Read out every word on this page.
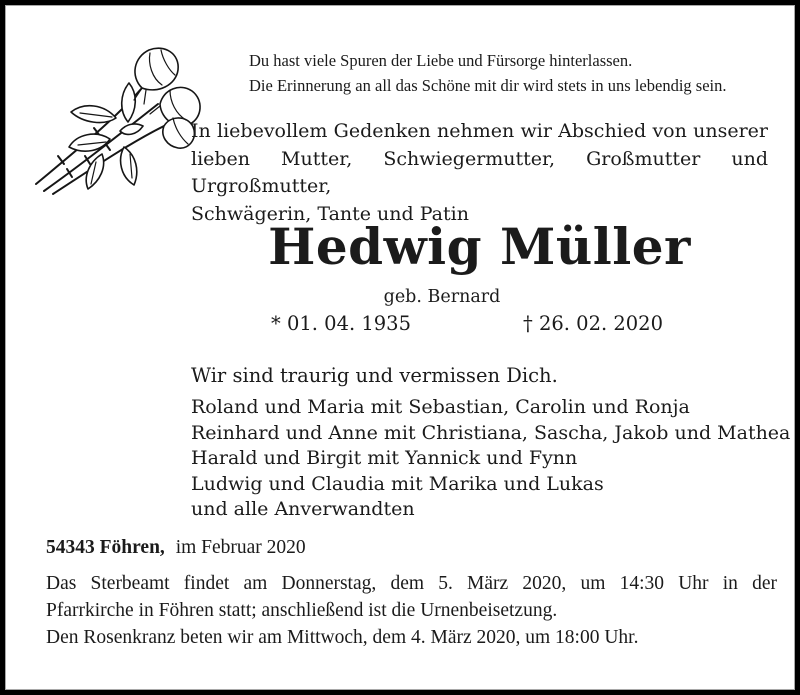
Du hast viele Spuren der Liebe und Fürsorge hinterlassen.
Die Erinnerung an all das Schöne mit dir wird stets in uns lebendig sein.
In liebevollem Gedenken nehmen wir Abschied von unserer
lieben Mutter, Schwiegermutter, Großmutter und Urgroßmutter,
Schwägerin, Tante und Patin
Hedwig Müller
geb. Bernard
* 01. 04. 1935	† 26. 02. 2020
Wir sind traurig und vermissen Dich.
Roland und Maria mit Sebastian, Carolin und Ronja
Reinhard und Anne mit Christiana, Sascha, Jakob und Mathea
Harald und Birgit mit Yannick und Fynn
Ludwig und Claudia mit Marika und Lukas
und alle Anverwandten
54343 Föhren, im Februar 2020
Das Sterbeamt findet am Donnerstag, dem 5. März 2020, um 14:30 Uhr in der
Pfarrkirche in Föhren statt; anschließend ist die Urnenbeisetzung.
Den Rosenkranz beten wir am Mittwoch, dem 4. März 2020, um 18:00 Uhr.
